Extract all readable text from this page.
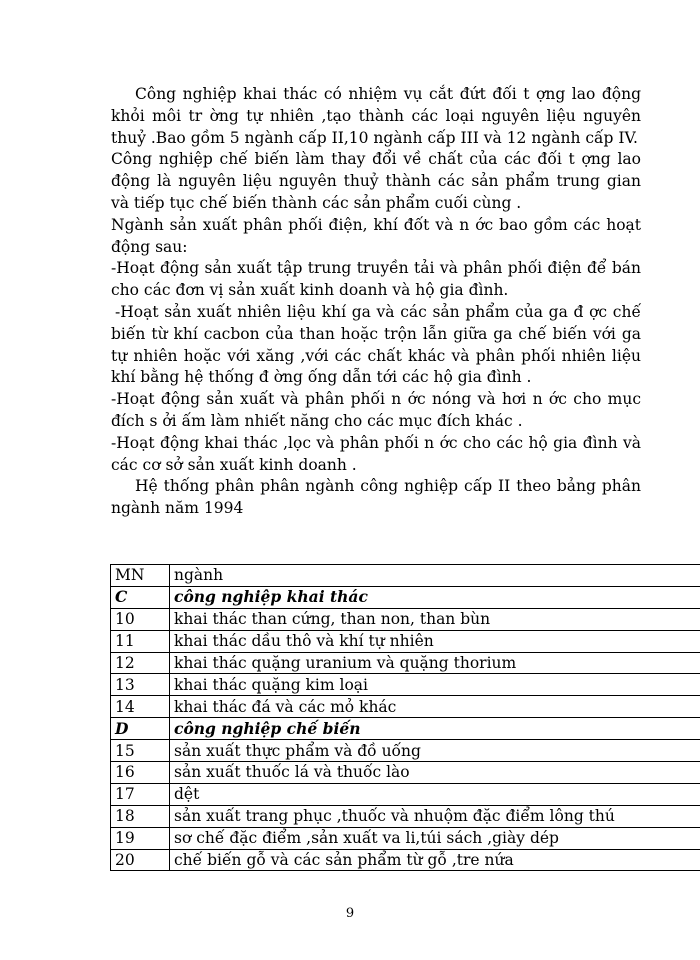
Công nghiệp khai thác có nhiệm vụ cắt đứt đối t ợng lao động khỏi môi tr ờng tự nhiên ,tạo thành các loại nguyên liệu nguyên thuỷ .Bao gồm 5 ngành cấp II,10 ngành cấp III và 12 ngành cấp IV.

Công nghiệp chế biến làm thay đổi về chất của các đối t ợng lao động là nguyên liệu nguyên thuỷ thành các sản phẩm trung gian và tiếp tục chế biến thành các sản phẩm cuối cùng .

Ngành sản xuất phân phối điện, khí đốt và n ớc bao gồm các hoạt động sau:

-Hoạt động sản xuất tập trung truyền tải và phân phối điện để bán cho các đơn vị sản xuất kinh doanh và hộ gia đình.

-Hoạt sản xuất nhiên liệu khí ga và các sản phẩm của ga đ ợc chế biến từ khí cacbon của than hoặc trộn lẫn giữa ga chế biến với ga tự nhiên hoặc với xăng ,với các chất khác và phân phối nhiên liệu khí bằng hệ thống đ ờng ống dẫn tới các hộ gia đình .

-Hoạt động sản xuất và phân phối n ớc nóng và hơi n ớc cho mục đích s ởi ấm làm nhiết năng cho các mục đích khác .

-Hoạt động khai thác ,lọc và phân phối n ớc cho các hộ gia đình và các cơ sở sản xuất kinh doanh .

Hệ thống phân phân ngành công nghiệp cấp II theo bảng phân ngành năm 1994

MN	ngành
C	công nghiệp khai thác
10	khai thác than cứng, than non, than bùn
11	khai thác dầu thô và khí tự nhiên
12	khai thác quặng uranium và quặng thorium
13	khai thác quặng kim loại
14	khai thác đá và các mỏ khác
D	công nghiệp chế biến
15	sản xuất thực phẩm và đồ uống
16	sản xuất thuốc lá và thuốc lào
17	dệt
18	sản xuất trang phục ,thuốc và nhuộm đặc điểm lông thú
19	sơ chế đặc điểm ,sản xuất va li,túi sách ,giày dép
20	chế biến gỗ và các sản phẩm từ gỗ ,tre nứa
9
